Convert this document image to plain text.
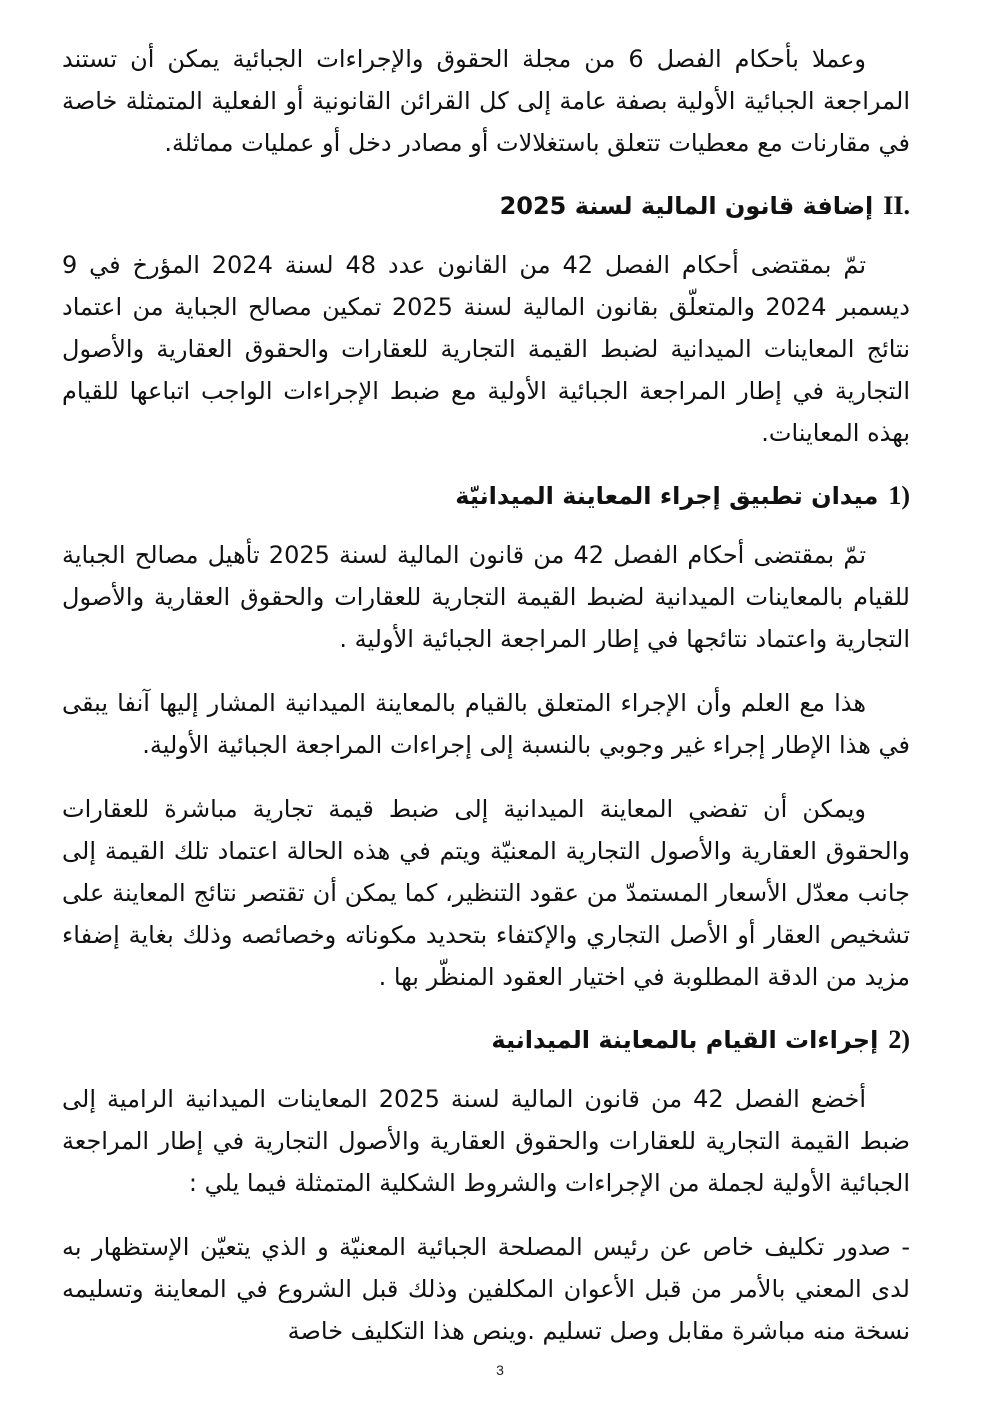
وعملا بأحكام الفصل 6 من مجلة الحقوق والإجراءات الجبائية يمكن أن تستند المراجعة الجبائية الأولية بصفة عامة إلى كل القرائن القانونية أو الفعلية المتمثلة خاصة في مقارنات مع معطيات تتعلق باستغلالات أو مصادر دخل أو عمليات مماثلة.

II.
إضافة قانون المالية لسنة 2025

تمّ بمقتضى أحكام الفصل 42 من القانون عدد 48 لسنة 2024 المؤرخ في 9 ديسمبر 2024 والمتعلّق بقانون المالية لسنة 2025 تمكين مصالح الجباية من اعتماد نتائج المعاينات الميدانية لضبط القيمة التجارية للعقارات والحقوق العقارية والأصول التجارية في إطار المراجعة الجبائية الأولية مع ضبط الإجراءات الواجب اتباعها للقيام بهذه المعاينات.

1)
ميدان تطبيق إجراء المعاينة الميدانيّة

تمّ بمقتضى أحكام الفصل 42 من قانون المالية لسنة 2025 تأهيل مصالح الجباية للقيام بالمعاينات الميدانية لضبط القيمة التجارية للعقارات والحقوق العقارية والأصول التجارية واعتماد نتائجها في إطار المراجعة الجبائية الأولية .

هذا مع العلم وأن الإجراء المتعلق بالقيام بالمعاينة الميدانية المشار إليها آنفا يبقى في هذا الإطار إجراء غير وجوبي بالنسبة إلى إجراءات المراجعة الجبائية الأولية.

ويمكن أن تفضي المعاينة الميدانية إلى ضبط قيمة تجارية مباشرة للعقارات والحقوق العقارية والأصول التجارية المعنيّة ويتم في هذه الحالة اعتماد تلك القيمة إلى جانب معدّل الأسعار المستمدّ من عقود التنظير، كما يمكن أن تقتصر نتائج المعاينة على تشخيص العقار أو الأصل التجاري والإكتفاء بتحديد مكوناته وخصائصه وذلك بغاية إضفاء مزيد من الدقة المطلوبة في اختيار العقود المنظّر بها .

2)
إجراءات القيام بالمعاينة الميدانية

أخضع الفصل 42 من قانون المالية لسنة 2025 المعاينات الميدانية الرامية إلى ضبط القيمة التجارية للعقارات والحقوق العقارية والأصول التجارية في إطار المراجعة الجبائية الأولية لجملة من الإجراءات والشروط الشكلية المتمثلة فيما يلي :

- صدور تكليف خاص عن رئيس المصلحة الجبائية المعنيّة و الذي يتعيّن الإستظهار به لدى المعني بالأمر من قبل الأعوان المكلفين وذلك قبل الشروع في المعاينة وتسليمه نسخة منه مباشرة مقابل وصل تسليم .وينص هذا التكليف خاصة

3
